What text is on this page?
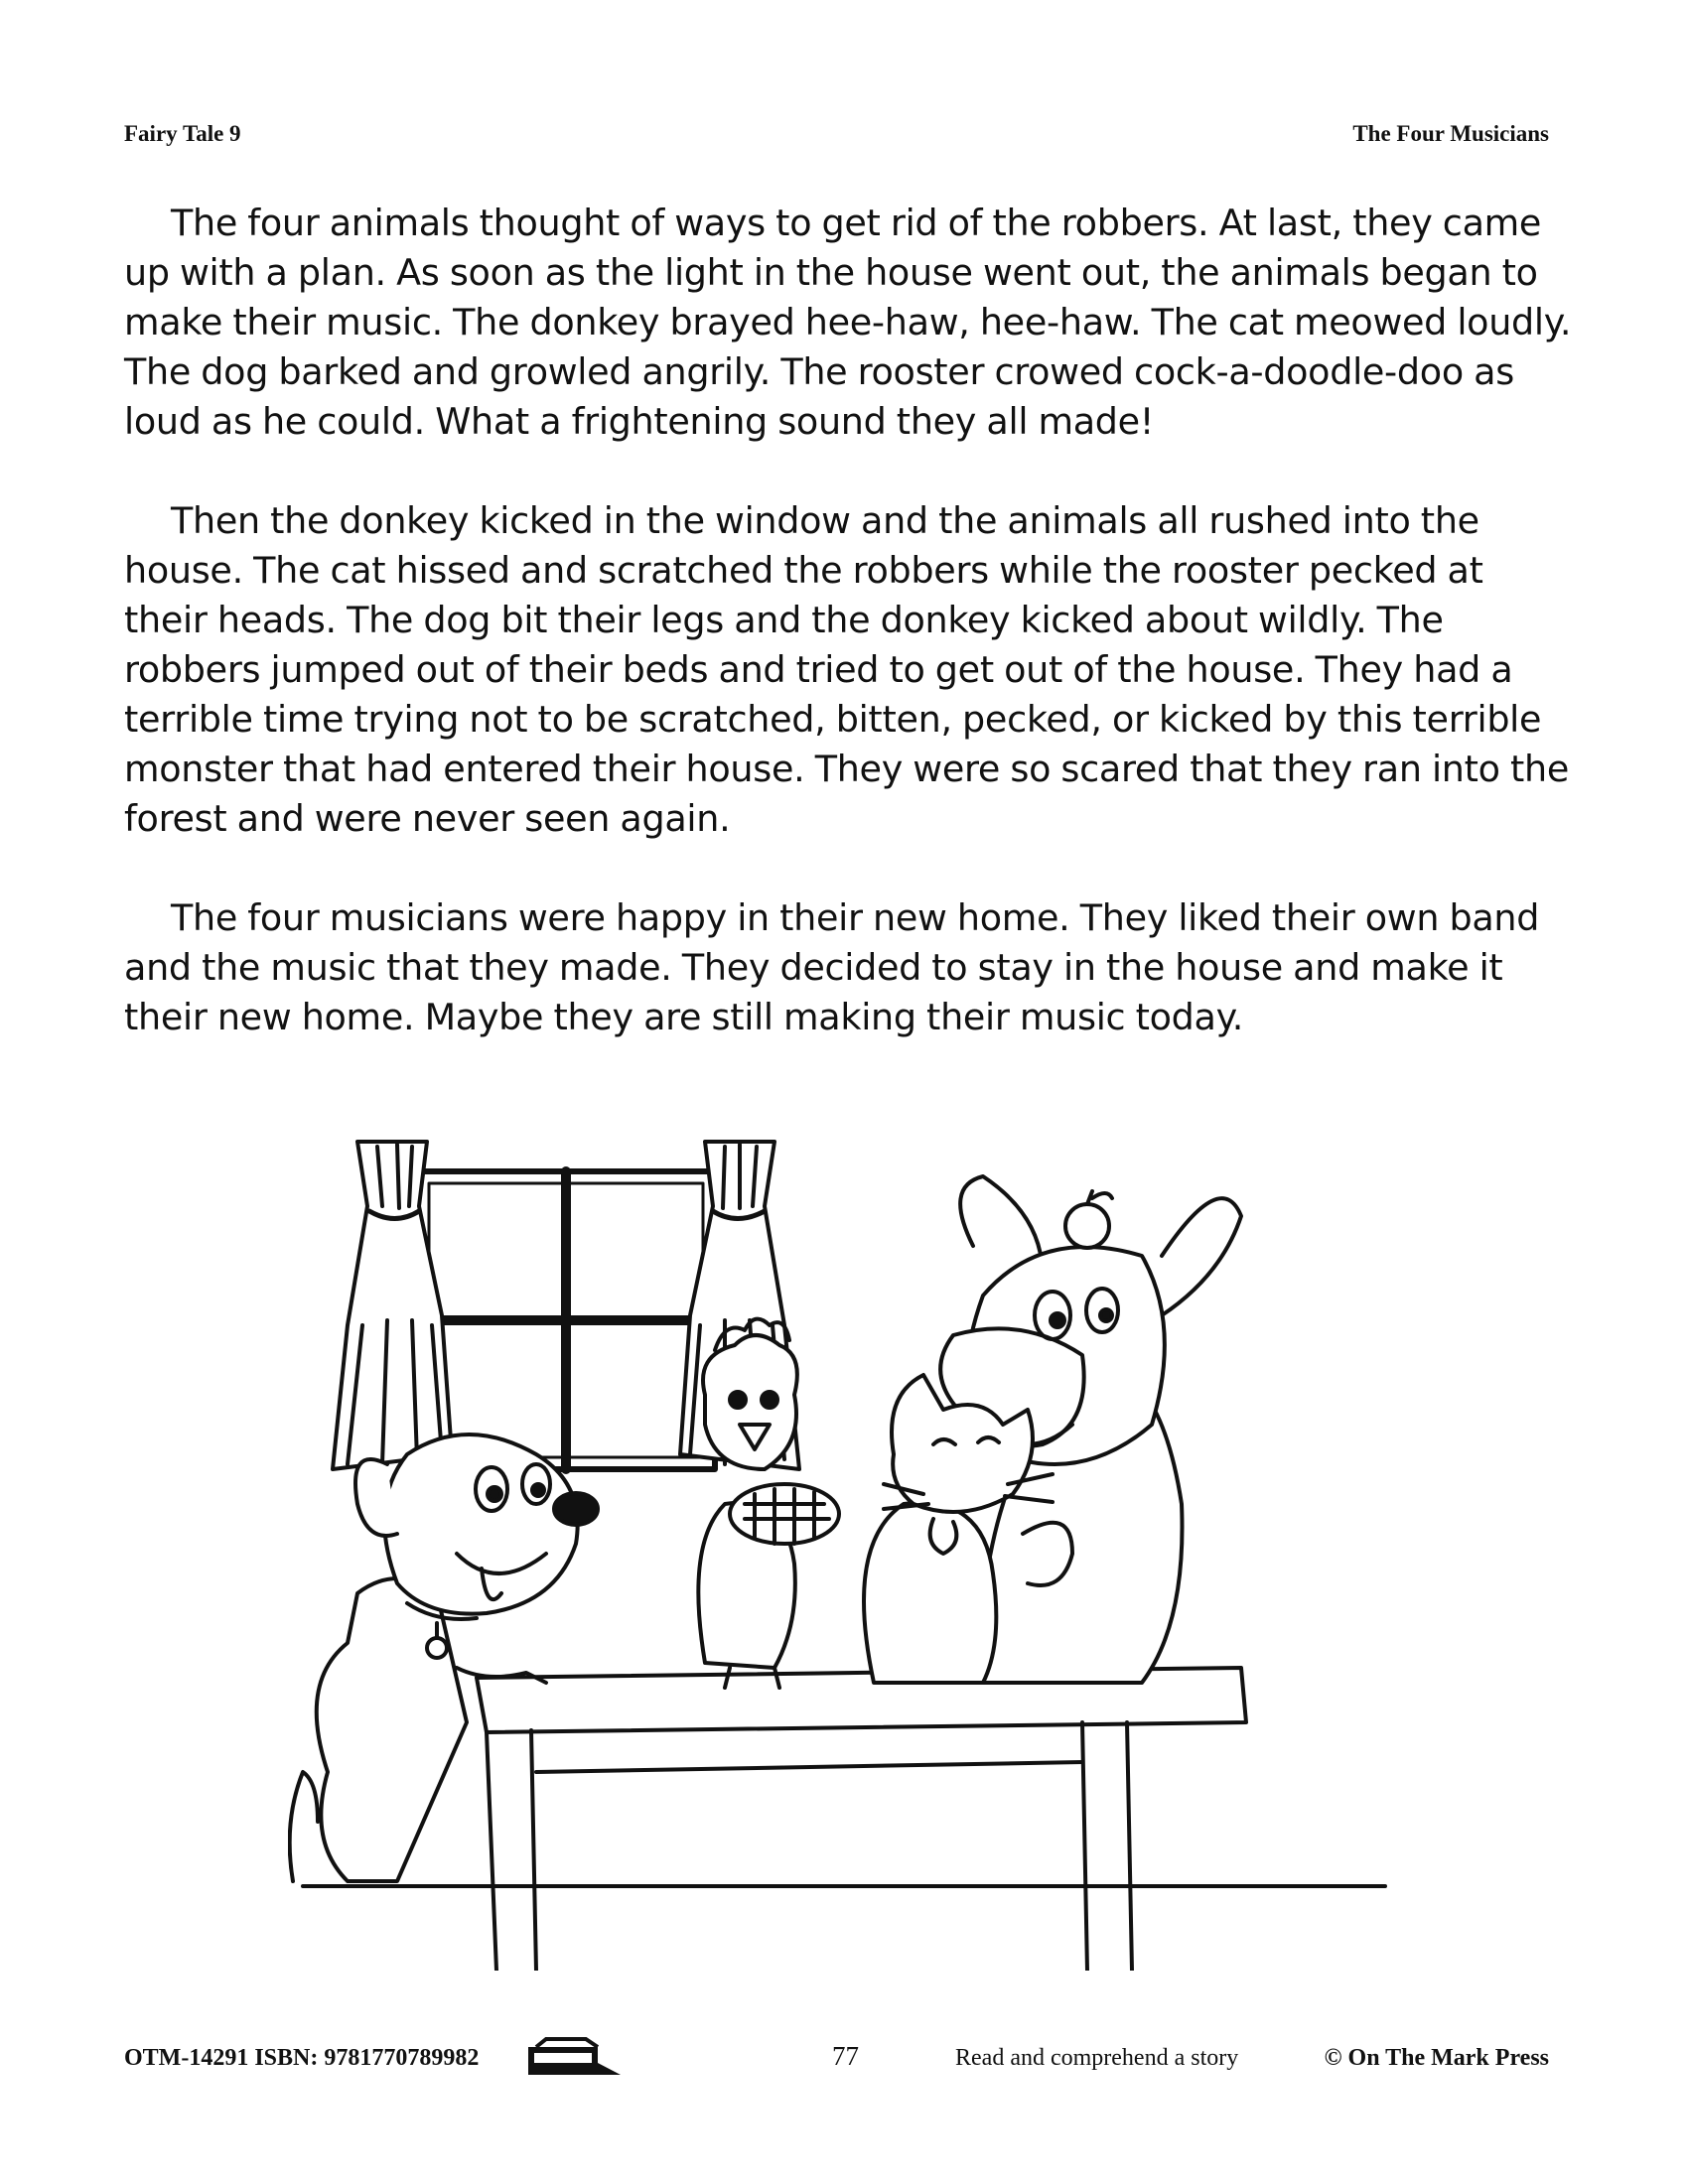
Fairy Tale 9	The Four Musicians

The four animals thought of ways to get rid of the robbers. At last, they came up with a plan. As soon as the light in the house went out, the animals began to make their music. The donkey brayed hee-haw, hee-haw. The cat meowed loudly. The dog barked and growled angrily. The rooster crowed cock-a-doodle-doo as loud as he could. What a frightening sound they all made!

Then the donkey kicked in the window and the animals all rushed into the house. The cat hissed and scratched the robbers while the rooster pecked at their heads. The dog bit their legs and the donkey kicked about wildly. The robbers jumped out of their beds and tried to get out of the house. They had a terrible time trying not to be scratched, bitten, pecked, or kicked by this terrible monster that had entered their house. They were so scared that they ran into the forest and were never seen again.

The four musicians were happy in their new home. They liked their own band and the music that they made. They decided to stay in the house and make it their new home. Maybe they are still making their music today.

OTM-14291 ISBN: 9781770789982	77	Read and comprehend a story	© On The Mark Press
